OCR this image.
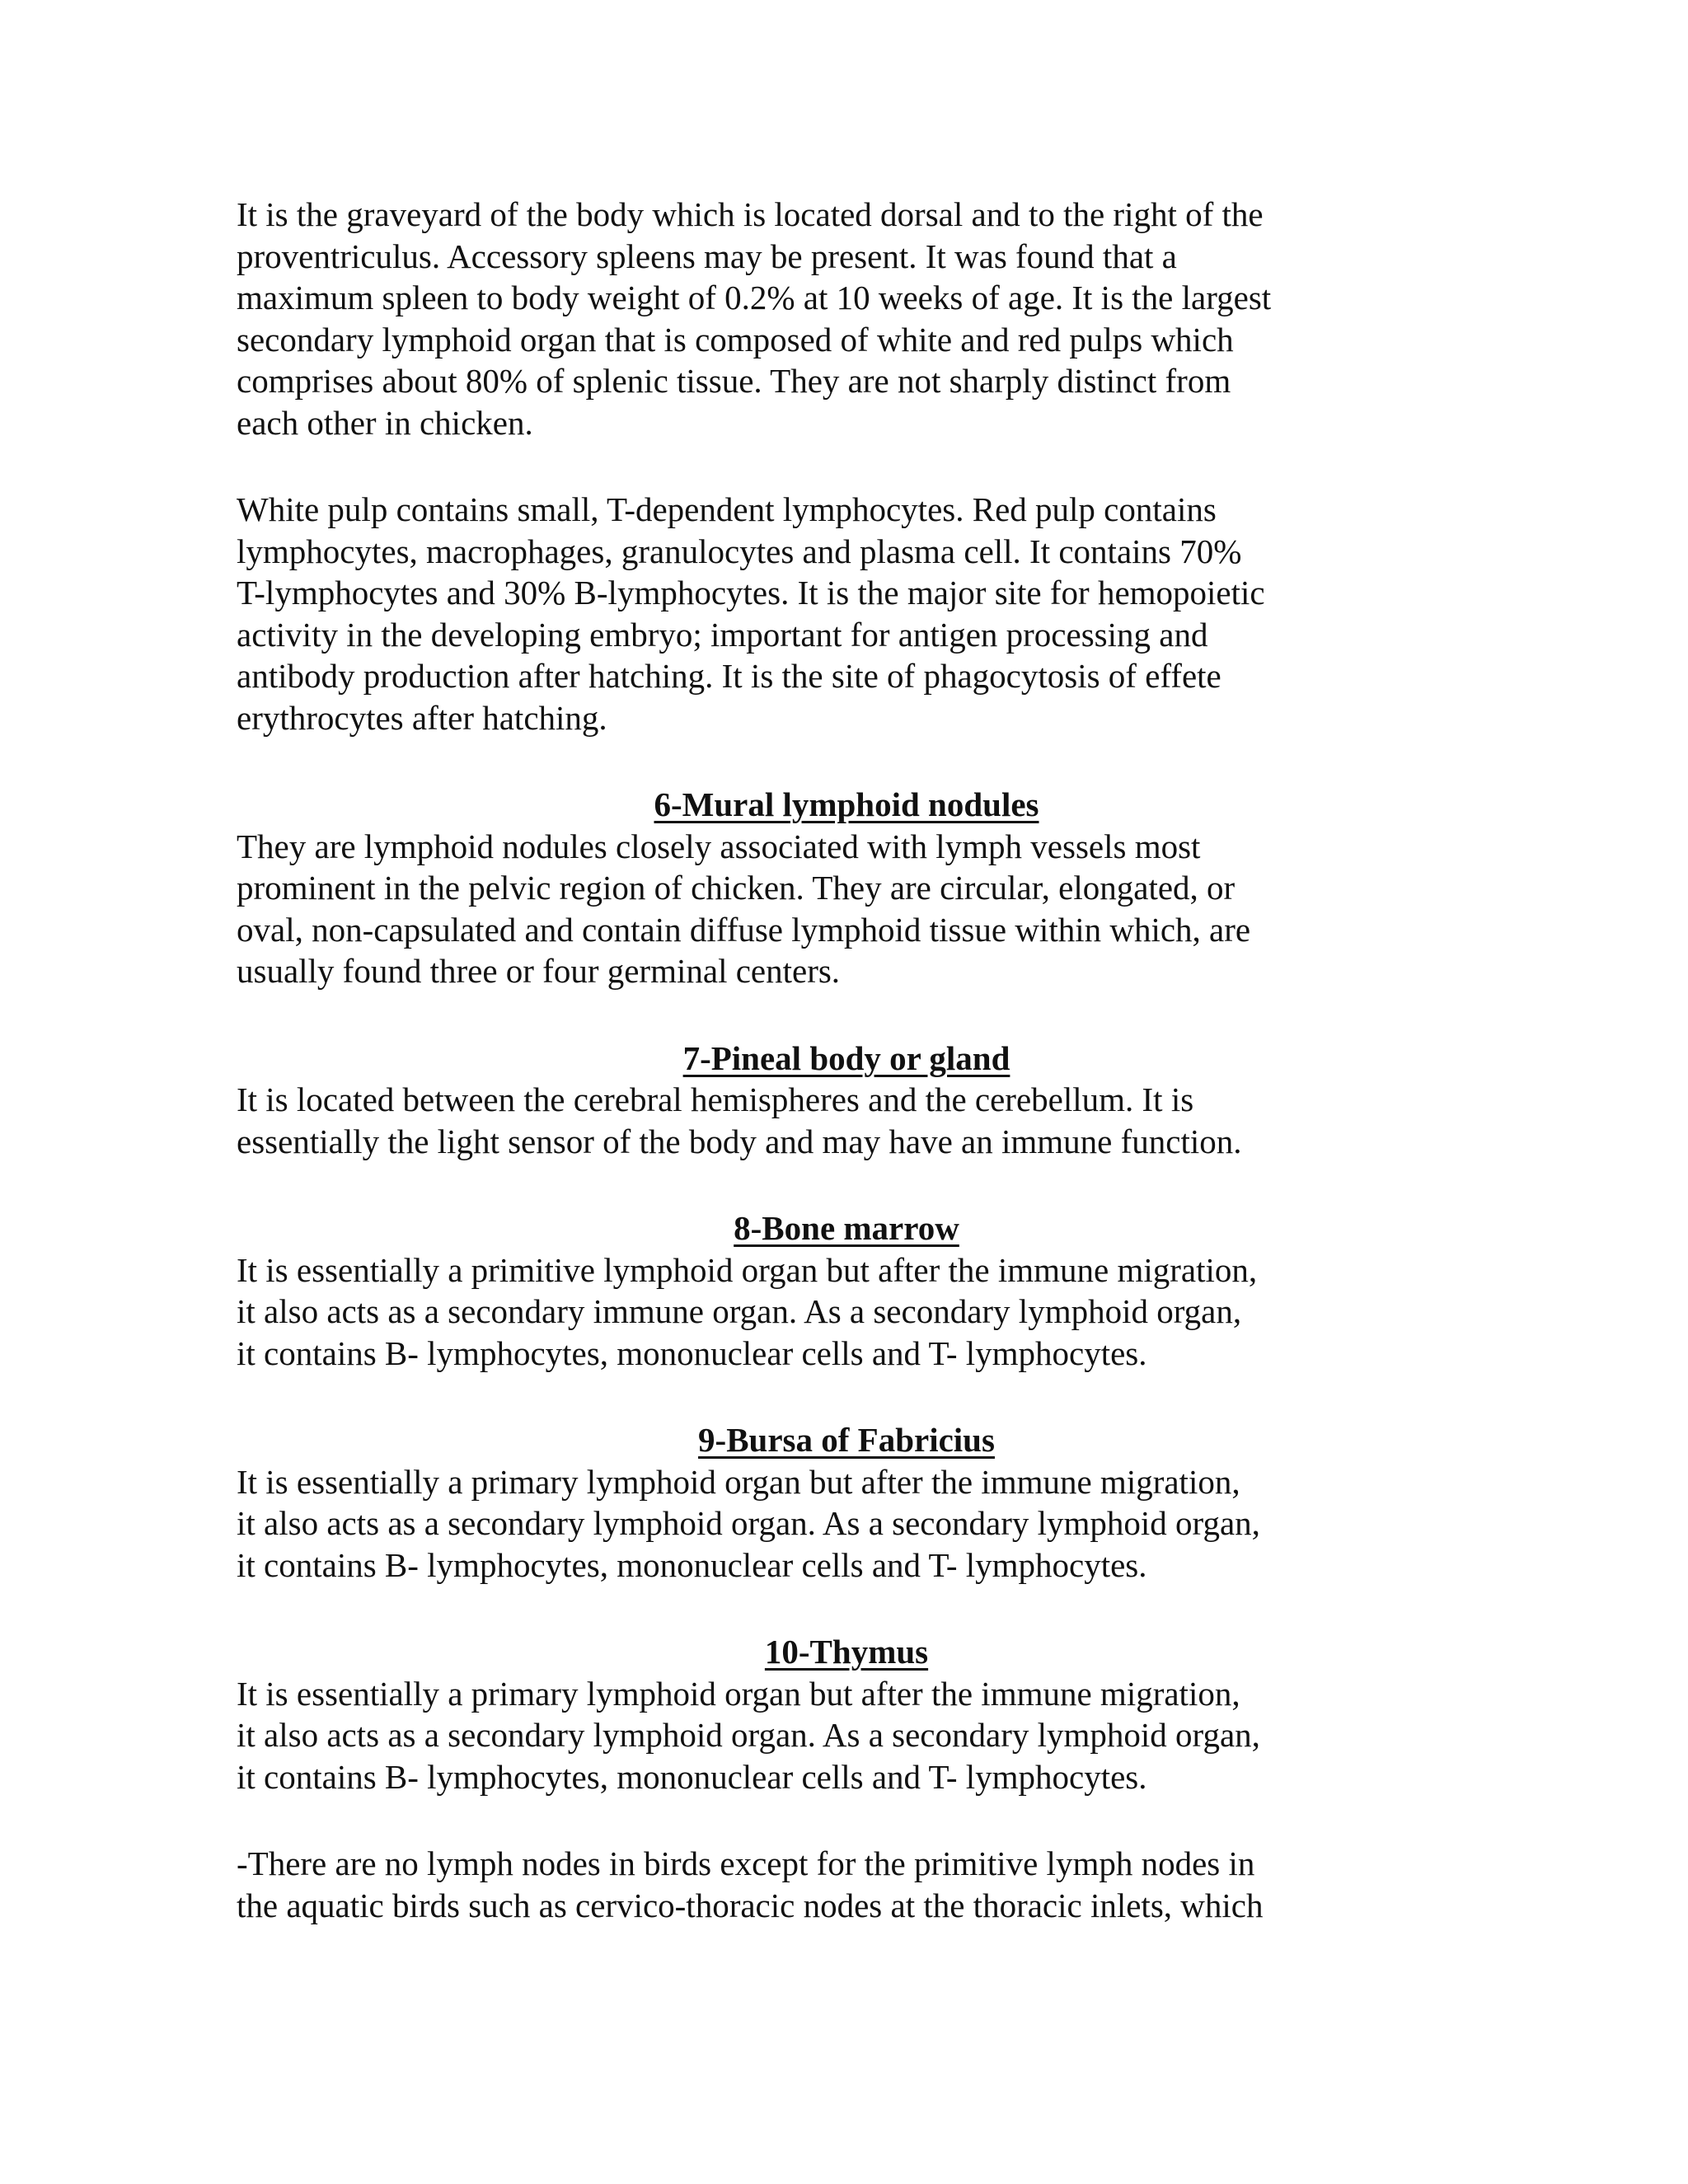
It is the graveyard of the body which is located dorsal and to the right of the
proventriculus. Accessory spleens may be present. It was found that a
maximum spleen to body weight of 0.2% at 10 weeks of age. It is the largest
secondary lymphoid organ that is composed of white and red pulps which
comprises about 80% of splenic tissue. They are not sharply distinct from
each other in chicken.

White pulp contains small, T-dependent lymphocytes. Red pulp contains
lymphocytes, macrophages, granulocytes and plasma cell. It contains 70%
T-lymphocytes and 30% B-lymphocytes. It is the major site for hemopoietic
activity in the developing embryo; important for antigen processing and
antibody production after hatching. It is the site of phagocytosis of effete
erythrocytes after hatching.

6-Mural lymphoid nodules

They are lymphoid nodules closely associated with lymph vessels most
prominent in the pelvic region of chicken. They are circular, elongated, or
oval, non-capsulated and contain diffuse lymphoid tissue within which, are
usually found three or four germinal centers.

7-Pineal body or gland

It is located between the cerebral hemispheres and the cerebellum. It is
essentially the light sensor of the body and may have an immune function.

8-Bone marrow

It is essentially a primitive lymphoid organ but after the immune migration,
it also acts as a secondary immune organ. As a secondary lymphoid organ,
it contains B- lymphocytes, mononuclear cells and T- lymphocytes.

9-Bursa of Fabricius

It is essentially a primary lymphoid organ but after the immune migration,
it also acts as a secondary lymphoid organ. As a secondary lymphoid organ,
it contains B- lymphocytes, mononuclear cells and T- lymphocytes.

10-Thymus

It is essentially a primary lymphoid organ but after the immune migration,
it also acts as a secondary lymphoid organ. As a secondary lymphoid organ,
it contains B- lymphocytes, mononuclear cells and T- lymphocytes.

-There are no lymph nodes in birds except for the primitive lymph nodes in
the aquatic birds such as cervico-thoracic nodes at the thoracic inlets, which
